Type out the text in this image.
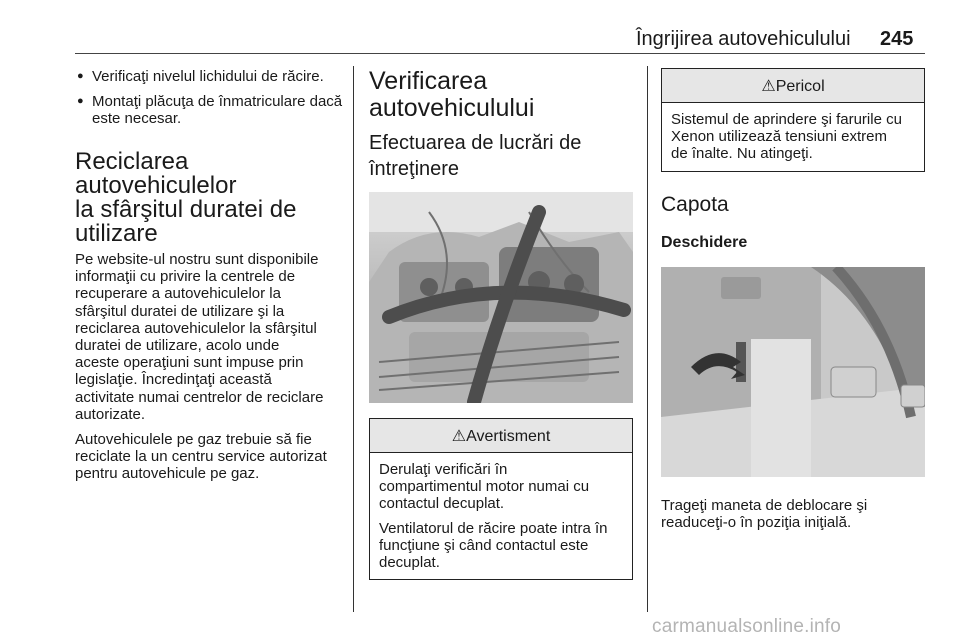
Îngrijirea autovehiculului 245
● Verificaţi nivelul lichidului de răcire.
● Montaţi plăcuţa de înmatriculare dacă este necesar.
Reciclarea autovehiculelor
la sfârşitul duratei de
utilizare
Pe website-ul nostru sunt disponibile
informaţii cu privire la centrele de
recuperare a autovehiculelor la
sfârşitul duratei de utilizare şi la
reciclarea autovehiculelor la sfârşitul
duratei de utilizare, acolo unde
aceste operaţiuni sunt impuse prin
legislaţie. Încredinţaţi această
activitate numai centrelor de reciclare
autorizate.
Autovehiculele pe gaz trebuie să fie
reciclate la un centru service autorizat
pentru autovehicule pe gaz.
Verificarea
autovehiculului
Efectuarea de lucrări de
întreţinere
⚠Avertisment
Derulaţi verificări în
compartimentul motor numai cu
contactul decuplat.
Ventilatorul de răcire poate intra în
funcţiune şi când contactul este
decuplat.
⚠Pericol
Sistemul de aprindere şi farurile cu
Xenon utilizează tensiuni extrem
de înalte. Nu atingeţi.
Capota
Deschidere
Trageţi maneta de deblocare şi
readuceţi-o în poziţia iniţială.
carmanualsonline.info
